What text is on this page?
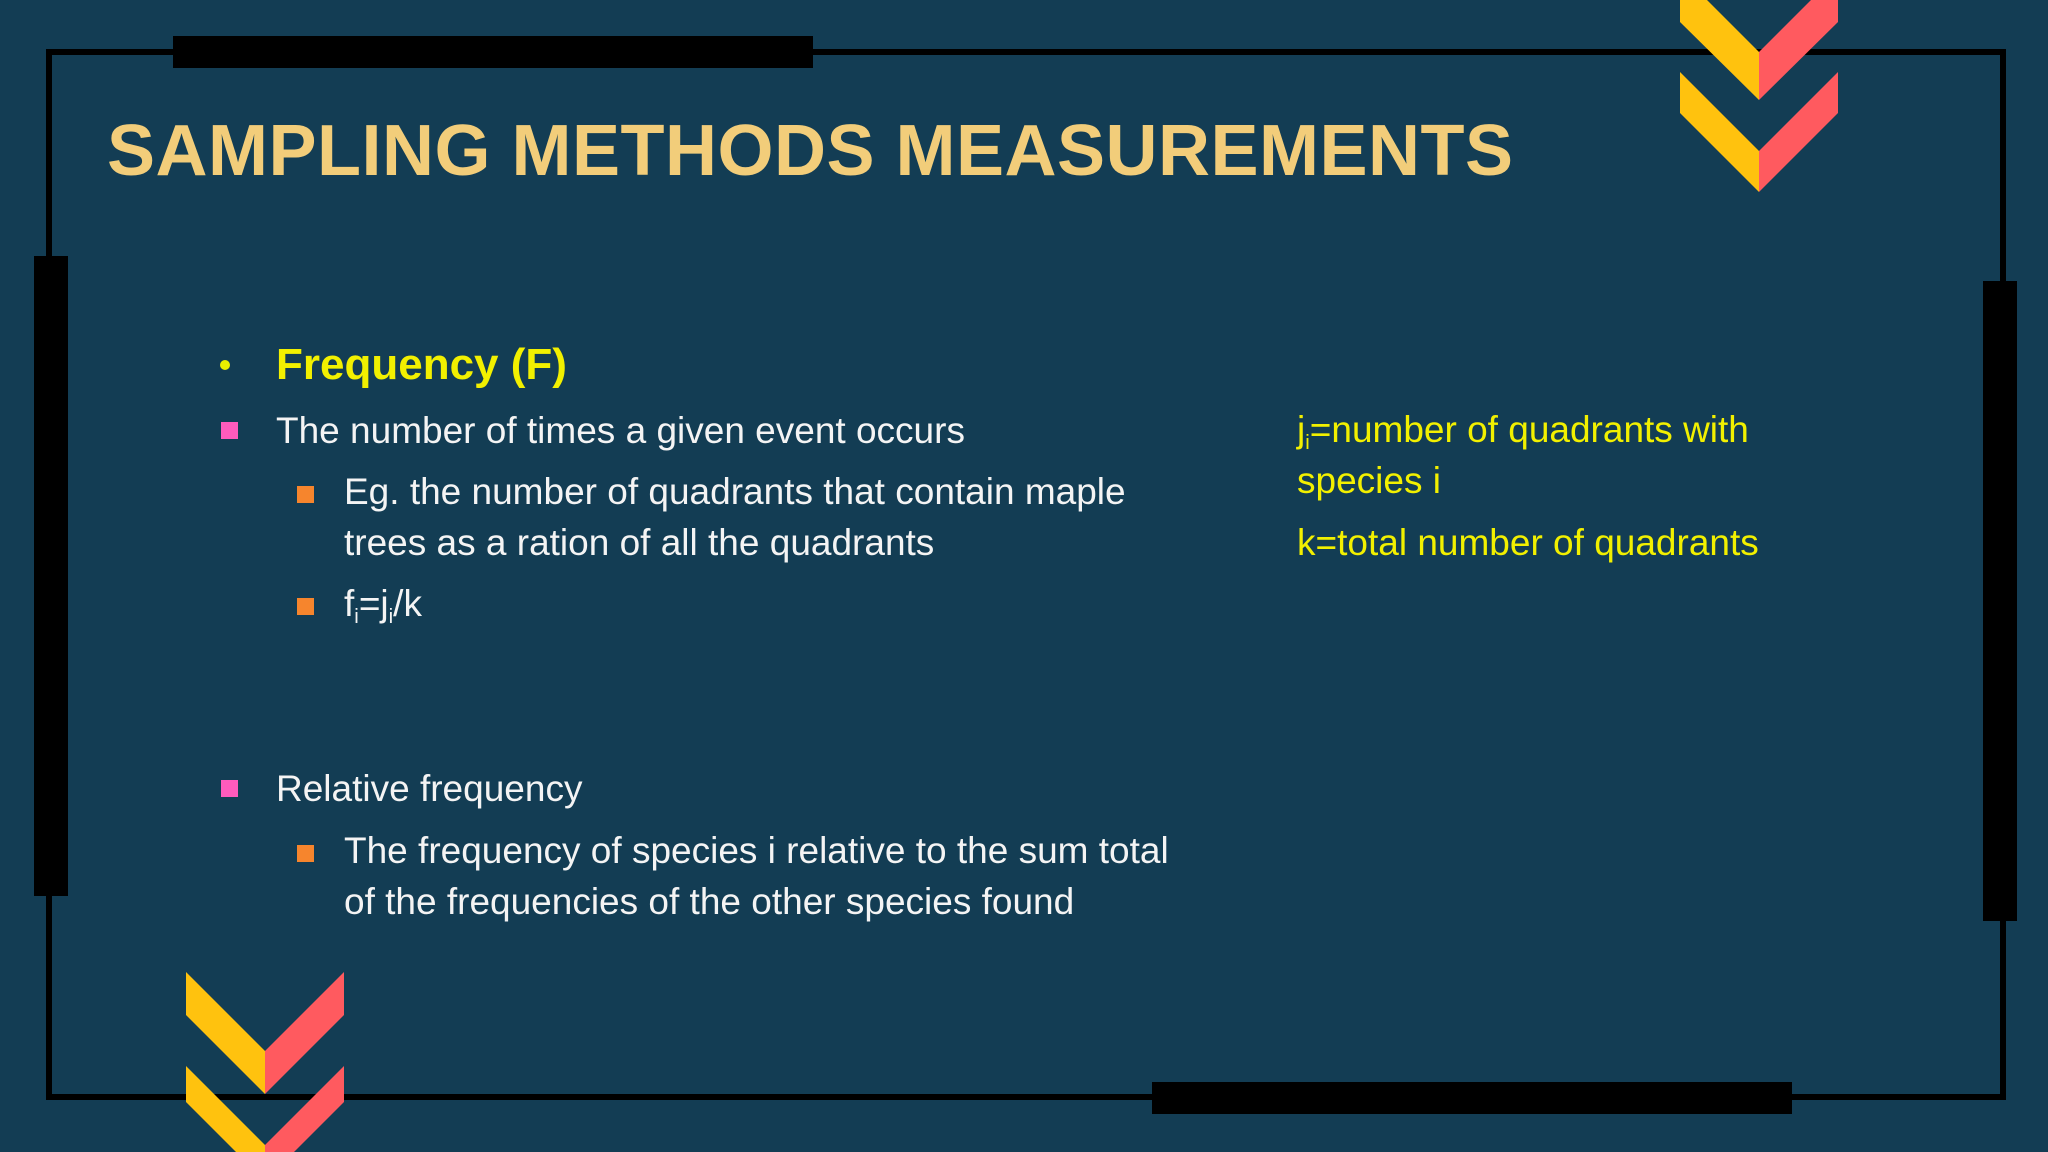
SAMPLING METHODS MEASUREMENTS
Frequency (F)
The number of times a given event occurs
Eg. the number of quadrants that contain maple
trees as a ration of all the quadrants
$f_i=j_i/k$
Relative frequency
The frequency of species i relative to the sum total
of the frequencies of the other species found
$j_i=number$ of quadrants with
species i
k=total number of quadrants
